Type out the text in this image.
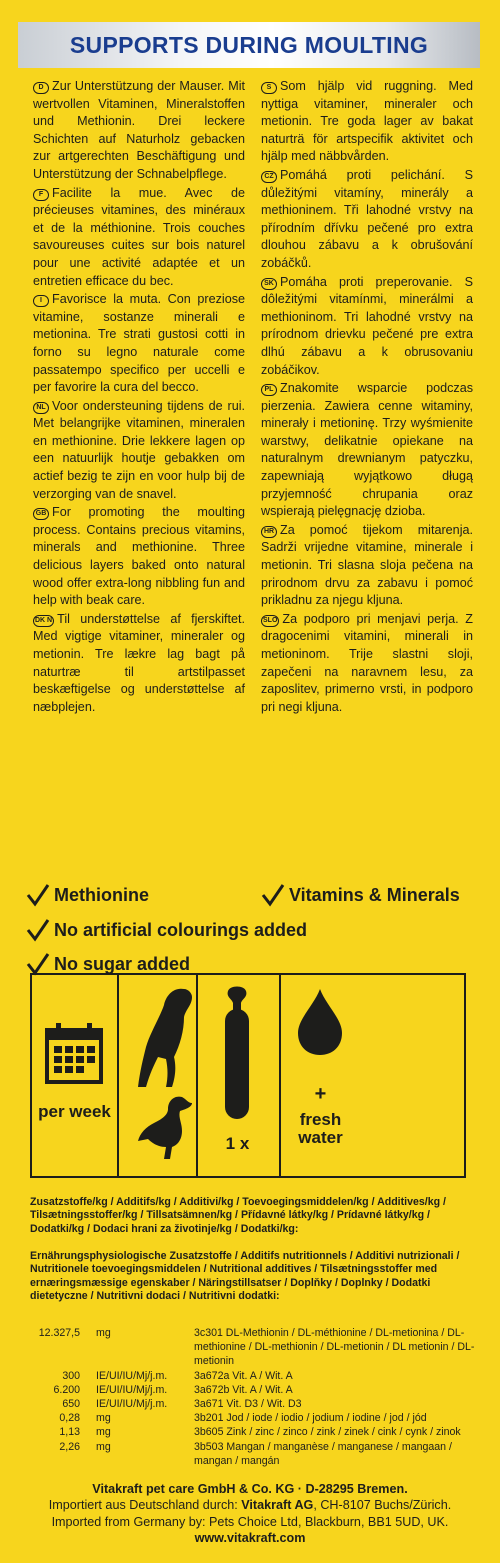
SUPPORTS DURING MOULTING

D Zur Unterstützung der Mauser. Mit wertvollen Vitaminen, Mineralstoffen und Methionin. Drei leckere Schichten auf Naturholz gebacken zur artgerechten Beschäftigung und Unterstützung der Schnabelpflege.

F Facilite la mue. Avec de précieuses vitamines, des minéraux et de la méthionine. Trois couches savoureuses cuites sur bois naturel pour une activité adaptée et un entretien efficace du bec.

I Favorisce la muta. Con preziose vitamine, sostanze minerali e metionina. Tre strati gustosi cotti in forno su legno naturale come passatempo specifico per uccelli e per favorire la cura del becco.

NL Voor ondersteuning tijdens de rui. Met belangrijke vitaminen, mineralen en methionine. Drie lekkere lagen op een natuurlijk houtje gebakken om actief bezig te zijn en voor hulp bij de verzorging van de snavel.

GB For promoting the moulting process. Contains precious vitamins, minerals and methionine. Three delicious layers baked onto natural wood offer extra-long nibbling fun and help with beak care.

DK N Til understøttelse af fjerskiftet. Med vigtige vitaminer, mineraler og metionin. Tre lækre lag bagt på naturtræ til artstilpasset beskæftigelse og understøttelse af næbplejen.

S Som hjälp vid ruggning. Med nyttiga vitaminer, mineraler och metionin. Tre goda lager av bakat naturträ för artspecifik aktivitet och hjälp med näbbvården.

CZ Pomáhá proti pelichání. S důležitými vitamíny, minerály a methioninem. Tři lahodné vrstvy na přírodním dřívku pečené pro extra dlouhou zábavu a k obrušování zobáčků.

SK Pomáha proti preperovanie. S dôležitými vitamínmi, minerálmi a methioninom. Tri lahodné vrstvy na prírodnom drievku pečené pre extra dlhú zábavu a k obrusovaniu zobáčikov.

PL Znakomite wsparcie podczas pierzenia. Zawiera cenne witaminy, minerały i metioninę. Trzy wyśmienite warstwy, delikatnie opiekane na naturalnym drewnianym patyczku, zapewniają wyjątkowo długą przyjemność chrupania oraz wspierają pielęgnację dzioba.

HR Za pomoć tijekom mitarenja. Sadrži vrijedne vitamine, minerale i metionin. Tri slasna sloja pečena na prirodnom drvu za zabavu i pomoć prikladnu za njegu kljuna.

SLO Za podporo pri menjavi perja. Z dragocenimi vitamini, minerali in metioninom. Trije slastni sloji, zapečeni na naravnem lesu, za zaposlitev, primerno vrsti, in podporo pri negi kljuna.

Methionine	Vitamins & Minerals
No artificial colourings added
No sugar added
per week
1 x
+
fresh water
Zusatzstoffe/kg / Additifs/kg / Additivi/kg / Toevoegingsmiddelen/kg / Additives/kg / Tilsætningsstoffer/kg / Tillsatsämnen/kg / Přídavné látky/kg / Prídavné látky/kg / Dodatki/kg / Dodaci hrani za životinje/kg / Dodatki/kg:
Ernährungsphysiologische Zusatzstoffe / Additifs nutritionnels / Additivi nutrizionali / Nutritionele toevoegingsmiddelen / Nutritional additives / Tilsætningsstoffer med ernæringsmæssige egenskaber / Näringstillsatser / Doplňky / Doplnky / Dodatki dietetyczne / Nutritivni dodaci / Nutritivni dodatki:
12.327,5	mg	3c301 DL-Methionin / DL-méthionine / DL-metionina / DL-methionine / DL-methionin / DL-metionin / DL metionin / DL-metionin
300	IE/UI/IU/Mj/j.m.	3a672a Vit. A / Wit. A
6.200	IE/UI/IU/Mj/j.m.	3a672b Vit. A / Wit. A
650	IE/UI/IU/Mj/j.m.	3a671 Vit. D3 / Wit. D3
0,28	mg	3b201 Jod / iode / iodio / jodium / iodine / jod / jód
1,13	mg	3b605 Zink / zinc / zinco / zink / zinek / cink / cynk / zinok
2,26	mg	3b503 Mangan / manganèse / manganese / mangaan / mangan / mangán
Vitakraft pet care GmbH & Co. KG · D-28295 Bremen.
Importiert aus Deutschland durch: Vitakraft AG, CH-8107 Buchs/Zürich.
Imported from Germany by: Pets Choice Ltd, Blackburn, BB1 5UD, UK.
www.vitakraft.com
